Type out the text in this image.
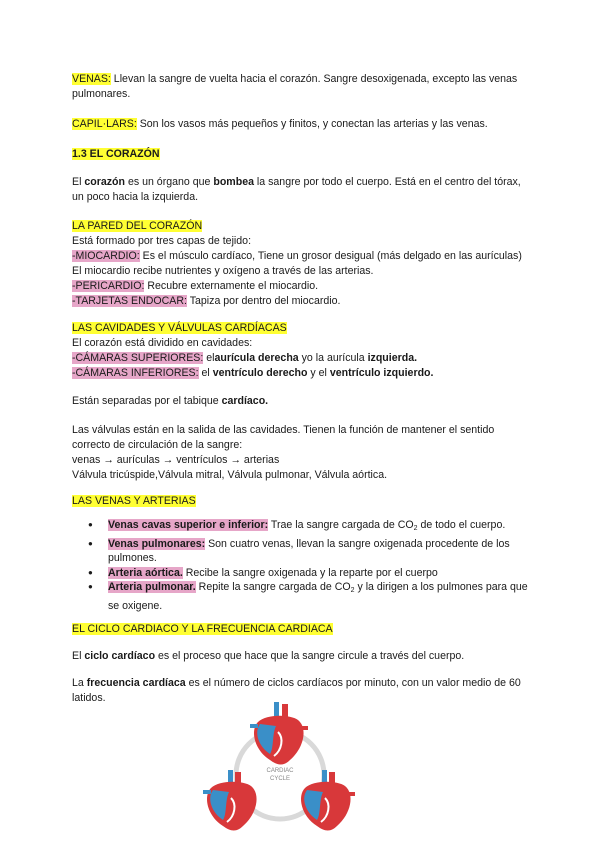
VENAS: Llevan la sangre de vuelta hacia el corazón. Sangre desoxigenada, excepto las venas pulmonares.

CAPIL·LARS: Son los vasos más pequeños y finitos, y conectan las arterias y las venas.

1.3 EL CORAZÓN

El corazón es un órgano que bombea la sangre por todo el cuerpo. Está en el centro del tórax, un poco hacia la izquierda.

LA PARED DEL CORAZÓN
Está formado por tres capas de tejido:
-MIOCARDIO: Es el músculo cardíaco, Tiene un grosor desigual (más delgado en las aurículas) El miocardio recibe nutrientes y oxígeno a través de las arterias.
-PERICARDIO: Recubre externamente el miocardio.
-TARJETAS ENDOCAR: Tapiza por dentro del miocardio.
LAS CAVIDADES Y VÁLVULAS CARDÍACAS
El corazón está dividido en cavidades:
-CÁMARAS SUPERIORES: elaurícula derecha yo la aurícula izquierda.
-CÁMARAS INFERIORES: el ventrículo derecho y el ventrículo izquierdo.

Están separadas por el tabique cardíaco.

Las válvulas están en la salida de las cavidades. Tienen la función de mantener el sentido correcto de circulación de la sangre:
venas → aurículas → ventrículos → arterias
Válvula tricúspide,Válvula mitral, Válvula pulmonar, Válvula aórtica.

LAS VENAS Y ARTERIAS

● Venas cavas superior e inferior: Trae la sangre cargada de $CO_2$ de todo el cuerpo.
● Venas pulmonares: Son cuatro venas, llevan la sangre oxigenada procedente de los pulmones.
● Arteria aórtica. Recibe la sangre oxigenada y la reparte por el cuerpo
● Arteria pulmonar. Repite la sangre cargada de $CO_2$ y la dirigen a los pulmones para que se oxigene.

EL CICLO CARDIACO Y LA FRECUENCIA CARDIACA

El ciclo cardíaco es el proceso que hace que la sangre circule a través del cuerpo.

La frecuencia cardíaca es el número de ciclos cardíacos por minuto, con un valor medio de 60 latidos.

CARDIAC
CYCLE
